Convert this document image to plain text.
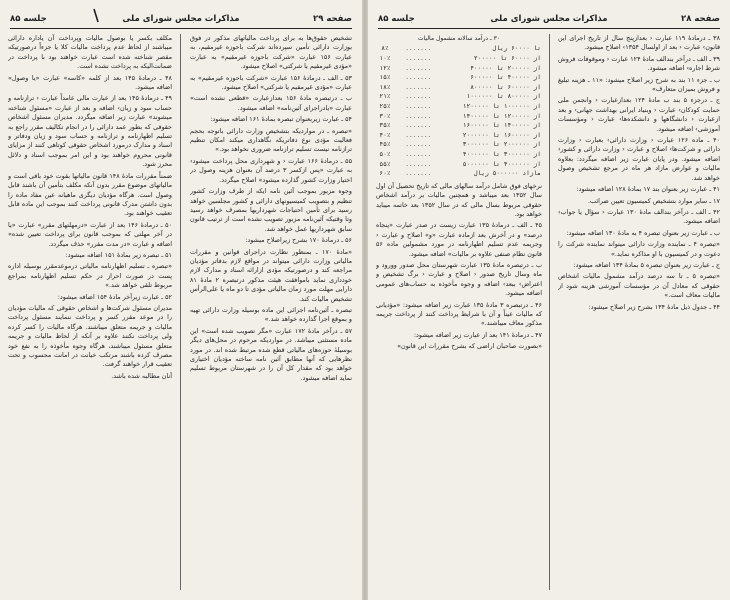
صفحه ۲۹
مذاکرات مجلس شورای ملی
جلسه ۸۵

تشخیص حقوق‌ها به برای پرداخت مالیاتهای مذکور در فوق بوزارت دارائی تأمین سپرده‌اند شرکت باحوزه غیرمقیم، به عبارت ۱۵۶ عبارت «شرکت باحوزه غیرمقیم» به عبارت «مؤدی غیرمقیم یا شرکتی» اصلاح میشود.

۵۳ ـ الف ـ درمادهٔ ۱۵۶ عبارت «شرکت باحوزه غیرمقیم» به عبارت «مؤدی غیرمقیم یا شرکتی» اصلاح میشود.

ب ـ درتبصره مادهٔ ۱۵۶ بعدازعبارت «قطعی نشده است» عبارت «یادراجرای آئین‌نامه» اضافه میشود.

۵۴ ـ عبارت زیربعنوان تبصره بمادهٔ ۱۶۱ اضافه میشود:

«تبصره ـ در مواردیکه بتشخیص وزارت دارائی باتوجه بحجم فعالیت مؤدی نوع دفاتریکه نگاهداری میکند امکان تنظیم ترازنامه نیست تسلیم ترازنامه ضروری نخواهد بود.»

۵۵ ـ درمادهٔ ۱۶۶ عبارت ‹ و شهرداری محل پرداخت میشود› به عبارت «پس ازکسر ۳ درصد آن بعنوان هزینه وصول در اختیار وزارت کشور گذارده میشود» اصلاح میگردد.

وجوه مزبور بموجب آئین نامه ایکه از طرف وزارت کشور تنظیم و بتصویب کمیسیونهای دارائی و کشور مجلسین خواهد رسید برای تأمین احتیاجات شهرداریها بمصرف خواهد رسید وتا وقتیکه آئین‌نامه مزبور تصویب نشده است از ترتیب قانون سابق شهرداریها عمل خواهد شد.

۵۶ ـ درمادهٔ ۱۷۰ بشرح زیراصلاح میشود:

«مادهٔ ۱۷۰ ـ بمنظور نظارت دراجرای قوانین و مقررات مالیاتی وزارت دارائی میتواند در مواقع لازم بدفاتر مؤدیان مراجعه کند و درصورتیکه مؤدی ازارائه اسناد و مدارک لازم خودداری نماید باموافقت هیئت مذکور درتبصره ۲ مادهٔ ۸۱ دارایی مهلت مورد زمان مالیاتی مؤدی تا دو ماه یا علی‌الرأس تشخیص مالیات کند.

تبصره ـ آئین‌نامه اجرائی این ماده بوسیله وزارت دارائی تهیه و بموقع اجرا گذارده خواهد شد.»

۵۷ ـ درآخر مادهٔ ۱۷۲ عبارت «مگر تصویب شده است» این ماده مستثنی میباشد. در مواردیکه مرحوم در محل‌های دیگر بوسیلهٔ حوزه‌های مالیاتی قطع شده مرتبط شده اند. در مورد نظرهایی که آنها مطابق آئین نامه ساخته مؤدیان اختیاری خواهد بود که مقدار کل آن را در شهرستان مربوط تسلیم نماید اضافه میشود.

مکلف بکسر یا بوصول مالیات وپرداخت آن یاداره دارائی میباشند از لحاظ عدم پرداخت مالیات کلا یا جزءاً درصورتیکه مقصر شناخته شده است عبارت خواهند بود با پرداخت در ضمانت‌الیکه به پرداخت نشده است.

۴۸ ـ درمادهٔ ۱۴۵ بعد از کلمه «کاسه» عبارت «یا وصول» اضافه میشود.

۴۹ ـ درمادهٔ ۱۴۵ بعد از عبارت مالی عامداً عبارت ‹ ترازنامه و حساب سود و زیان› اضافه و بعد از عبارت «مسئول شناخته میشوند» عبارت زیر اضافه میگردد. مدیران مسئول اشخاص حقوقی که بطور عمد دارائی را در انجام تکالیف مقرر راجع به تسلیم اظهارنامه و ترازنامه و حساب سود و زیان ودفاتر و اسناد و مدارک درمورد اشخاص حقوقی کوتاهی کنند از مزایای قانونی محروم خواهند بود و این امر بموجب اسناد و دلائل محرز شود.

ضمناً مقررات مادهٔ ۱۴۸ قانون مالیاتها بقوت خود باقی است و مالیاتهای موضوع مقرر بدون آنکه مکلف بتأمین آن باشند قابل وصول است. هرگاه مؤدیان دیگری ماهیانه عین مفاد ماده را بدون داشتن مدرک قانونی پرداخت کنند بموجب این ماده قابل تعقیب خواهند بود.

۵۰ ـ درمادهٔ ۱۴۶ بعد از عبارت «درمهلتهای مقرر» عبارت «یا در آخر مهلتی که بموجب قانون برای پرداخت تعیین شده» اضافه و عبارت «در مدت مقرر» حذف میگردد.

۵۱ ـ تبصره زیر بمادهٔ ۱۵۱ اضافه میشود:

«تبصره ـ تسلیم اظهارنامه مالیاتی درموعدمقرر بوسیله اداره پست در صورت احراز در حکم تسلیم اظهارنامه بمراجع مربوط تلقی خواهد شد.»

۵۲ ـ عبارت زیرآخر مادهٔ ۱۵۴ اضافه میشود:

مدیران مسئول شرکت‌ها و اشخاص حقوقی که مالیات مؤدیان را در موعد مقرر کسر و پرداخت ننمایند مسئول پرداخت مالیات و جریمه متعلق میباشند. هرگاه مالیات را کسر کرده ولی پرداخت نکنند علاوه بر آنکه از لحاظ مالیات و جریمه متعلق مسئول میباشند، هرگاه وجوه مأخوذه را به نفع خود مصرف کرده باشند مرتکب خیانت در امانت محسوب و تحت تعقیب قرار خواهند گرفت.

آنان مطالبه شده باشد.

صفحه ۲۸
مذاکرات مجلس شورای ملی
جلسه ۸۵
۳۰ ـ درآمد سالانه مشمول مالیات
۸٪	.......	تا ۶۰۰۰۰ ریال
۱۰٪	.......	از ۶۰۰۰۰ تا ۲۰۰۰۰۰
۱۲٪	.......	از ۲۰۰۰۰۰ تا ۴۰۰۰۰۰
۱۵٪	.......	از ۴۰۰۰۰۰ تا ۶۰۰۰۰۰
۱۸٪	.......	از ۶۰۰۰۰۰ تا ۸۰۰۰۰۰
۲۱٪	.......	از ۸۰۰۰۰۰ تا ۱۰۰۰۰۰۰
۲۵٪	.......	از ۱۰۰۰۰۰۰ تا ۱۲۰۰۰۰۰
۳۰٪	.......	از ۱۲۰۰۰۰۰ تا ۱۴۰۰۰۰۰
۳۵٪	.......	از ۱۴۰۰۰۰۰ تا ۱۶۰۰۰۰۰
۴۰٪	.......	از ۱۶۰۰۰۰۰ تا ۲۰۰۰۰۰۰
۴۵٪	.......	از ۲۰۰۰۰۰۰ تا ۳۰۰۰۰۰۰
۵۰٪	.......	از ۳۰۰۰۰۰۰ تا ۴۰۰۰۰۰۰
۵۵٪	.......	از ۴۰۰۰۰۰۰ تا ۵۰۰۰۰۰۰
۶۰٪	.......	مازاد ۵۰۰۰۰۰۰ ریال

نرخهای فوق شامل درآمد سالهای مالی که تاریخ تحصیل آن اول سال ۱۳۵۲ بعد میباشد و همچنین مالیات بر درآمد اشخاص حقوقی مربوط بسال مالی که در سال ۱۳۵۲ بعد خاتمه میباید خواهد بود.

۴۵ ـ الف ـ درمادهٔ ۱۳۵ عبارت زیست در صدر عبارت «پنجاه درصد» و در آخرش بعد ازماده عبارت «و» اصلاح و عبارت ‹ وجریمه عدم تسلیم اظهارنامه در مورد مشمولین ماده ۵۶ قانون نظام صنفی علاوه بر مالیات» اضافه میشود.

ب ـ درتبصره مادهٔ ۱۳۵ عبارت شهرستان محل صدور وورود و ماه وسال تاریخ صدور ‹ اصلاح و عبارت ‹ برگ تشخیص و اعتراض› ببعد› اضافه و وجوه مأخوذه به حساب‌های عمومی اضافه میشود.

۴۶ ـ درتبصره ۳ مادهٔ ۱۳۵ عبارت زیر اضافه میشود: «مؤدیانی که مالیات عیناً و آن با شرایط پرداخت کنند از پرداخت جریمه مذکور معاف میباشند.»

۴۷ ـ درمادهٔ ۱۴۱ بعد از عبارت زیر اضافه میشود:

«بصورت صاحبان اراضی که بشرح مقررات این قانون»

۳۸ ـ درمادهٔ ۱۱۹ عبارت ‹ بعدازپنج سال از تاریخ اجرای این قانون› عبارت ‹ بعد از اولسال ۱۳۵۴› اصلاح میشود.

۳۹ ـ الف ـ درآخر بندالف مادهٔ ۱۲۴ عبارت ‹ وموقوفات فروش شرط اجاره› اضافه میشود.

ب ـ جزء ۱۱ بند به شرح زیر اصلاح میشود: «۱۱ ـ هزینه تبلیغ و فروش بمیزان متعارف»

ج ـ درجزء ۵ بند ب مادهٔ ۱۲۴ بعدازعبارت ‹ وانجمن ملی حمایت کودکان› عبارت ‹ وبنیاد ایرانی بهداشت جهانی› و بعد ازعبارت ‹ دانشگاهها و دانشکده‌ها› عبارت ‹ ومؤسسات آموزشی› اضافه میشود.

۴۰ ـ ماده ۱۲۶ عبارت ‹ وزارت دارائی› بعبارت ‹ وزارت دارائی و شرکت‌ها› اصلاح و عبارت ‹ وزارت دارائی و کشور› اضافه میشود. ودر پایان عبارت زیر اضافه میگردد: بعلاوه مالیات و عوارض مازاد هر ماه در مرجع تشخیص وصول خواهد شد.

۴۱ ـ عبارت زیر بعنوان بند ۱۷ بمادهٔ ۱۲۸ اضافه میشود:

۱۷ ـ سایر موارد بتشخیص کمیسیون تعیین ضرائب.

۴۲ ـ الف ـ درآخر بندالف مادهٔ ۱۳۰ عبارت ‹ سؤال یا جواب› اضافه میشود.

ب ـ عبارت زیر بعنوان تبصره ۴ به مادهٔ ۱۳۰ اضافه میشود:

«تبصره ۴ ـ نماینده وزارت دارائی میتواند نماینده شرکت را دعوت و در کمیسیون با او مذاکره نماید.»

ج ـ عبارت زیر بعنوان تبصره ۵ بمادهٔ ۱۳۴ اضافه میشود:

«تبصره ۵ ـ تا سه درصد درآمد مشمول مالیات اشخاص حقوقی که معادل آن در مؤسسات آموزشی هزینه شود از مالیات معاف است.»

۴۴ ـ جدول ذیل مادهٔ ۱۳۴ بشرح زیر اصلاح میشود:
